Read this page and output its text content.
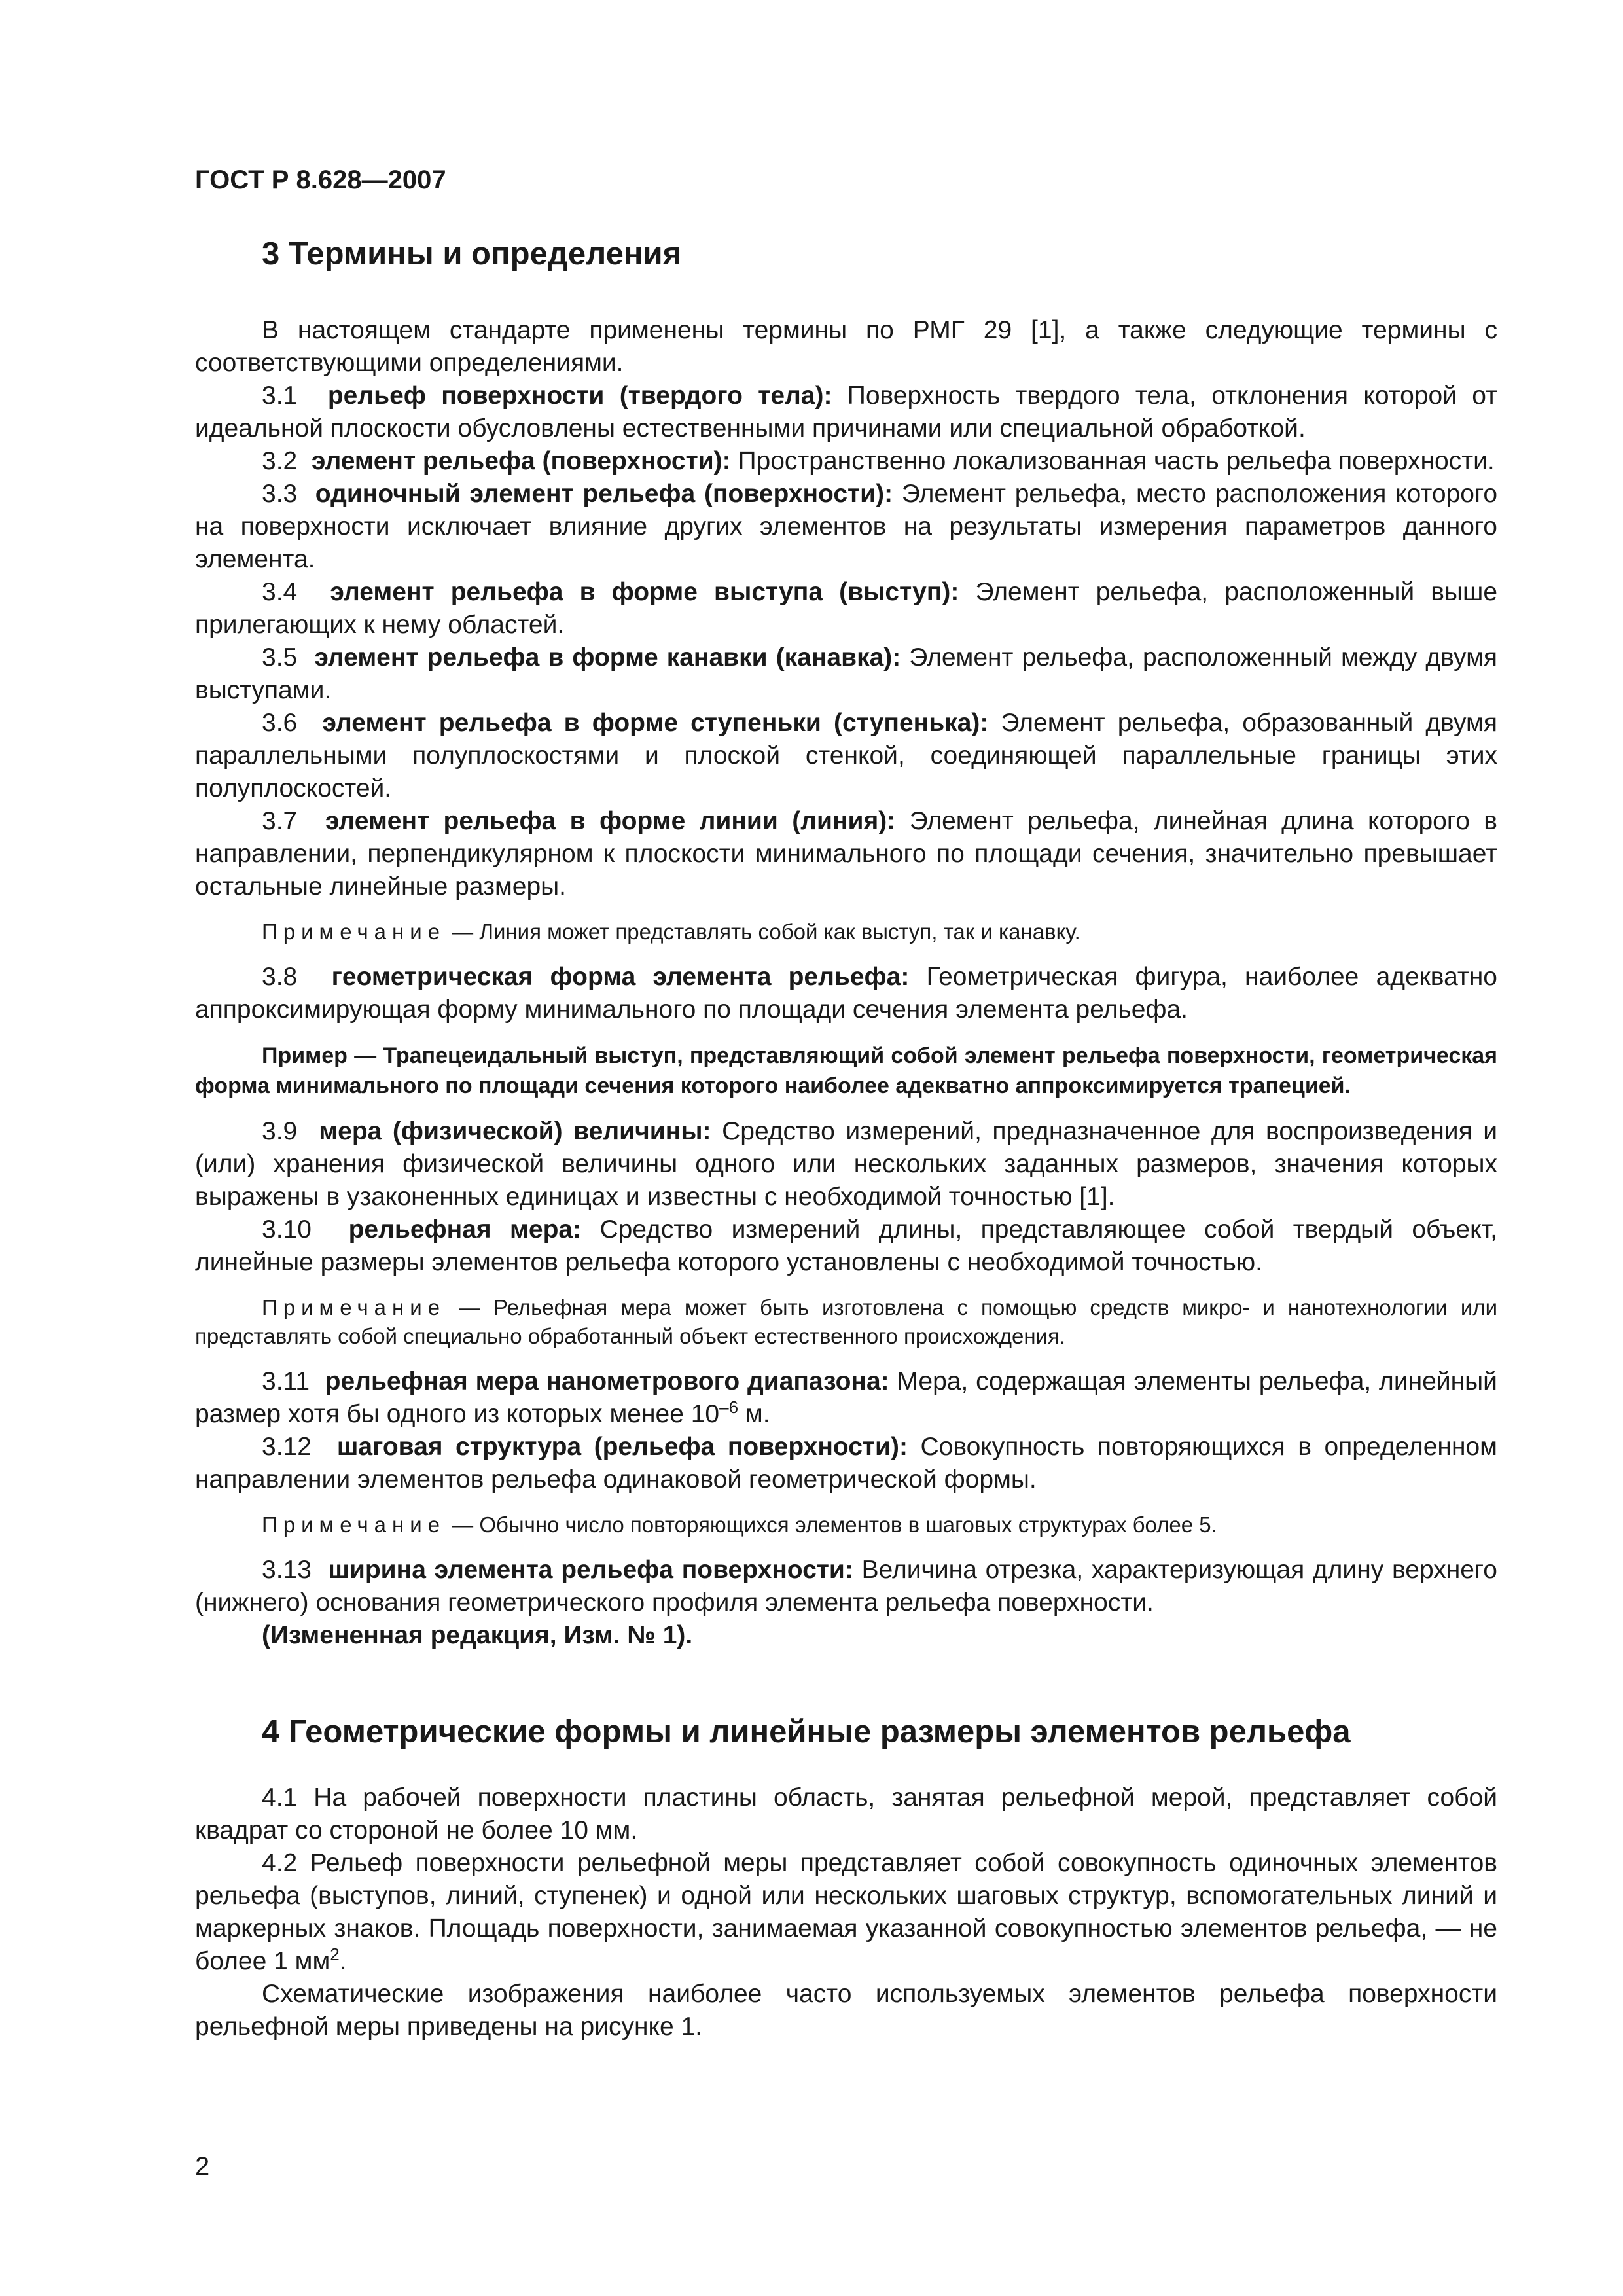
ГОСТ Р 8.628—2007
3 Термины и определения

В настоящем стандарте применены термины по РМГ 29 [1], а также следующие термины с соответствующими определениями.

3.1 рельеф поверхности (твердого тела): Поверхность твердого тела, отклонения которой от идеальной плоскости обусловлены естественными причинами или специальной обработкой.

3.2 элемент рельефа (поверхности): Пространственно локализованная часть рельефа поверхности.

3.3 одиночный элемент рельефа (поверхности): Элемент рельефа, место расположения которого на поверхности исключает влияние других элементов на результаты измерения параметров данного элемента.

3.4 элемент рельефа в форме выступа (выступ): Элемент рельефа, расположенный выше прилегающих к нему областей.

3.5 элемент рельефа в форме канавки (канавка): Элемент рельефа, расположенный между двумя выступами.

3.6 элемент рельефа в форме ступеньки (ступенька): Элемент рельефа, образованный двумя параллельными полуплоскостями и плоской стенкой, соединяющей параллельные границы этих полуплоскостей.

3.7 элемент рельефа в форме линии (линия): Элемент рельефа, линейная длина которого в направлении, перпендикулярном к плоскости минимального по площади сечения, значительно превышает остальные линейные размеры.

Примечание — Линия может представлять собой как выступ, так и канавку.

3.8 геометрическая форма элемента рельефа: Геометрическая фигура, наиболее адекватно аппроксимирующая форму минимального по площади сечения элемента рельефа.

Пример — Трапецеидальный выступ, представляющий собой элемент рельефа поверхности, геометрическая форма минимального по площади сечения которого наиболее адекватно аппроксимируется трапецией.

3.9 мера (физической) величины: Средство измерений, предназначенное для воспроизведения и (или) хранения физической величины одного или нескольких заданных размеров, значения которых выражены в узаконенных единицах и известны с необходимой точностью [1].

3.10 рельефная мера: Средство измерений длины, представляющее собой твердый объект, линейные размеры элементов рельефа которого установлены с необходимой точностью.

Примечание — Рельефная мера может быть изготовлена с помощью средств микро- и нанотехнологии или представлять собой специально обработанный объект естественного происхождения.

3.11 рельефная мера нанометрового диапазона: Мера, содержащая элементы рельефа, линейный размер хотя бы одного из которых менее $10^{-6}$ м.

3.12 шаговая структура (рельефа поверхности): Совокупность повторяющихся в определенном направлении элементов рельефа одинаковой геометрической формы.

Примечание — Обычно число повторяющихся элементов в шаговых структурах более 5.

3.13 ширина элемента рельефа поверхности: Величина отрезка, характеризующая длину верхнего (нижнего) основания геометрического профиля элемента рельефа поверхности.

(Измененная редакция, Изм. № 1).

4 Геометрические формы и линейные размеры элементов рельефа

4.1 На рабочей поверхности пластины область, занятая рельефной мерой, представляет собой квадрат со стороной не более 10 мм.

4.2 Рельеф поверхности рельефной меры представляет собой совокупность одиночных элементов рельефа (выступов, линий, ступенек) и одной или нескольких шаговых структур, вспомогательных линий и маркерных знаков. Площадь поверхности, занимаемая указанной совокупностью элементов рельефа, — не более 1 $мм^2$.

Схематические изображения наиболее часто используемых элементов рельефа поверхности рельефной меры приведены на рисунке 1.

2
